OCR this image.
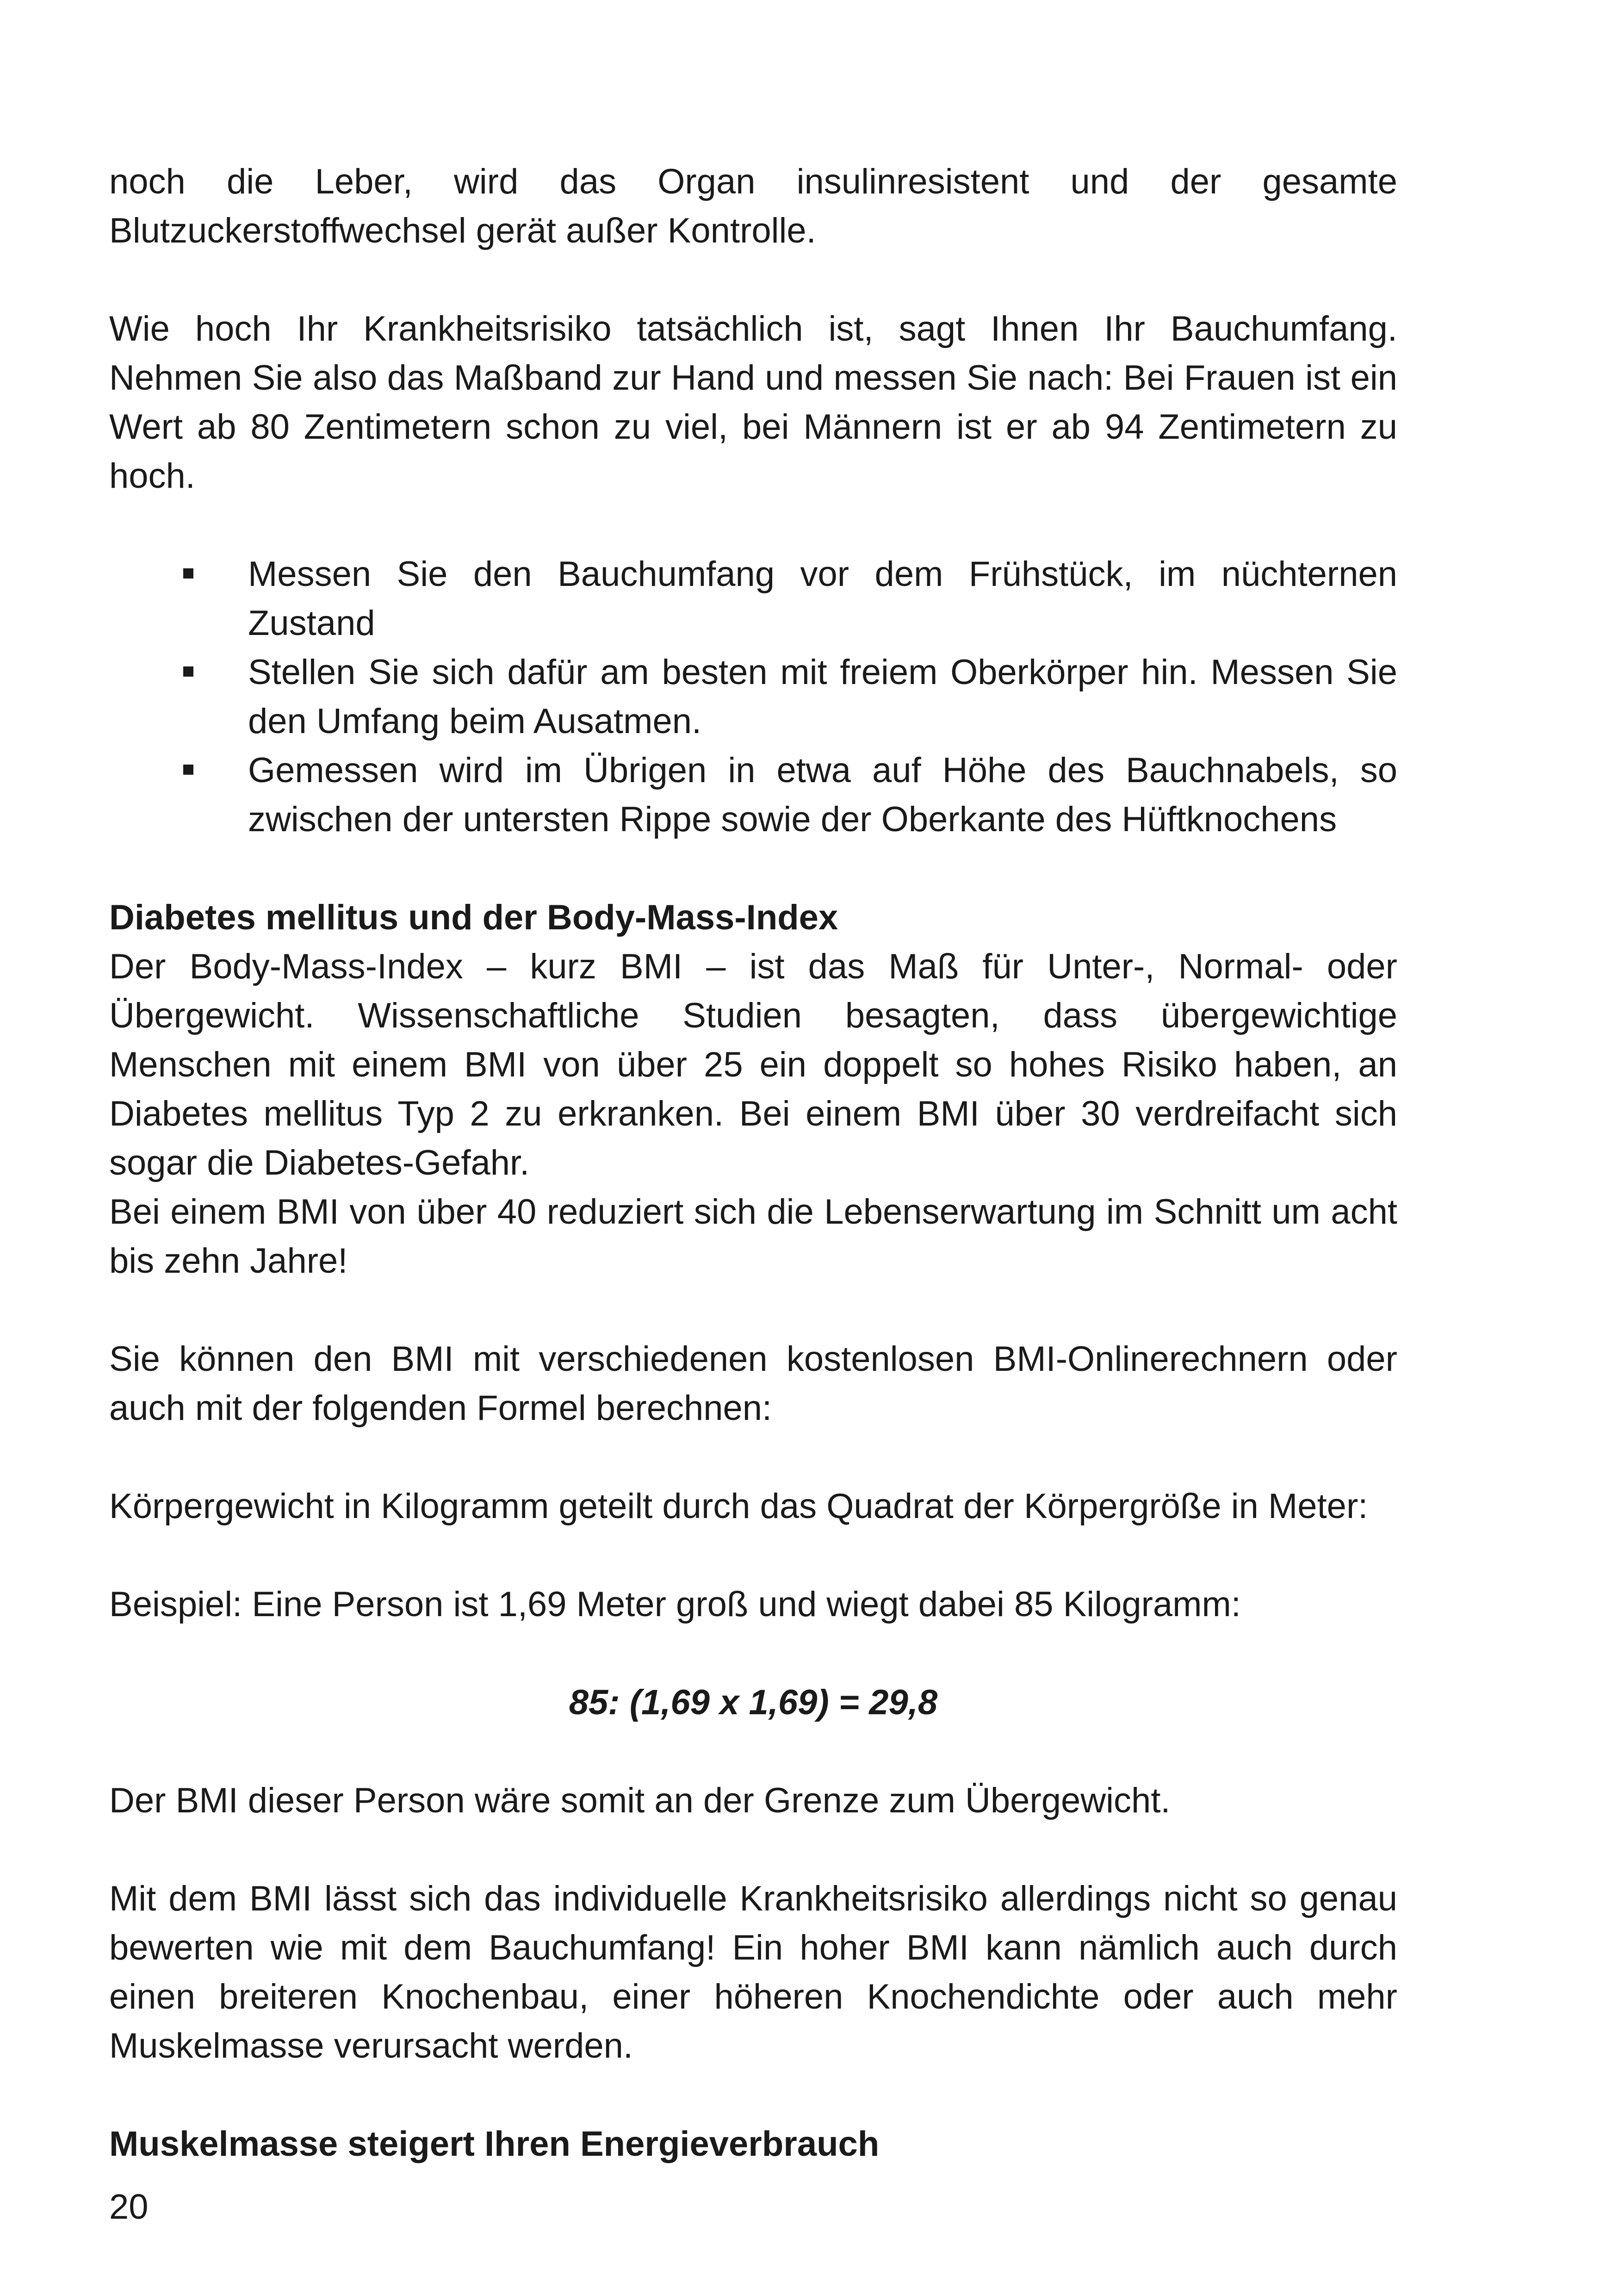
noch die Leber, wird das Organ insulinresistent und der gesamte Blutzuckerstoffwechsel gerät außer Kontrolle.

Wie hoch Ihr Krankheitsrisiko tatsächlich ist, sagt Ihnen Ihr Bauchumfang. Nehmen Sie also das Maßband zur Hand und messen Sie nach: Bei Frauen ist ein Wert ab 80 Zentimetern schon zu viel, bei Männern ist er ab 94 Zentimetern zu hoch.

Messen Sie den Bauchumfang vor dem Frühstück, im nüchternen Zustand
Stellen Sie sich dafür am besten mit freiem Oberkörper hin. Messen Sie den Umfang beim Ausatmen.
Gemessen wird im Übrigen in etwa auf Höhe des Bauchnabels, so zwischen der untersten Rippe sowie der Oberkante des Hüftknochens
Diabetes mellitus und der Body-Mass-Index

Der Body-Mass-Index – kurz BMI – ist das Maß für Unter-, Normal- oder Übergewicht. Wissenschaftliche Studien besagten, dass übergewichtige Menschen mit einem BMI von über 25 ein doppelt so hohes Risiko haben, an Diabetes mellitus Typ 2 zu erkranken. Bei einem BMI über 30 verdreifacht sich sogar die Diabetes-Gefahr.

Bei einem BMI von über 40 reduziert sich die Lebenserwartung im Schnitt um acht bis zehn Jahre!

Sie können den BMI mit verschiedenen kostenlosen BMI-Onlinerechnern oder auch mit der folgenden Formel berechnen:

Körpergewicht in Kilogramm geteilt durch das Quadrat der Körpergröße in Meter:

Beispiel: Eine Person ist 1,69 Meter groß und wiegt dabei 85 Kilogramm:

85: (1,69 x 1,69) = 29,8

Der BMI dieser Person wäre somit an der Grenze zum Übergewicht.

Mit dem BMI lässt sich das individuelle Krankheitsrisiko allerdings nicht so genau bewerten wie mit dem Bauchumfang! Ein hoher BMI kann nämlich auch durch einen breiteren Knochenbau, einer höheren Knochendichte oder auch mehr Muskelmasse verursacht werden.

Muskelmasse steigert Ihren Energieverbrauch

20
